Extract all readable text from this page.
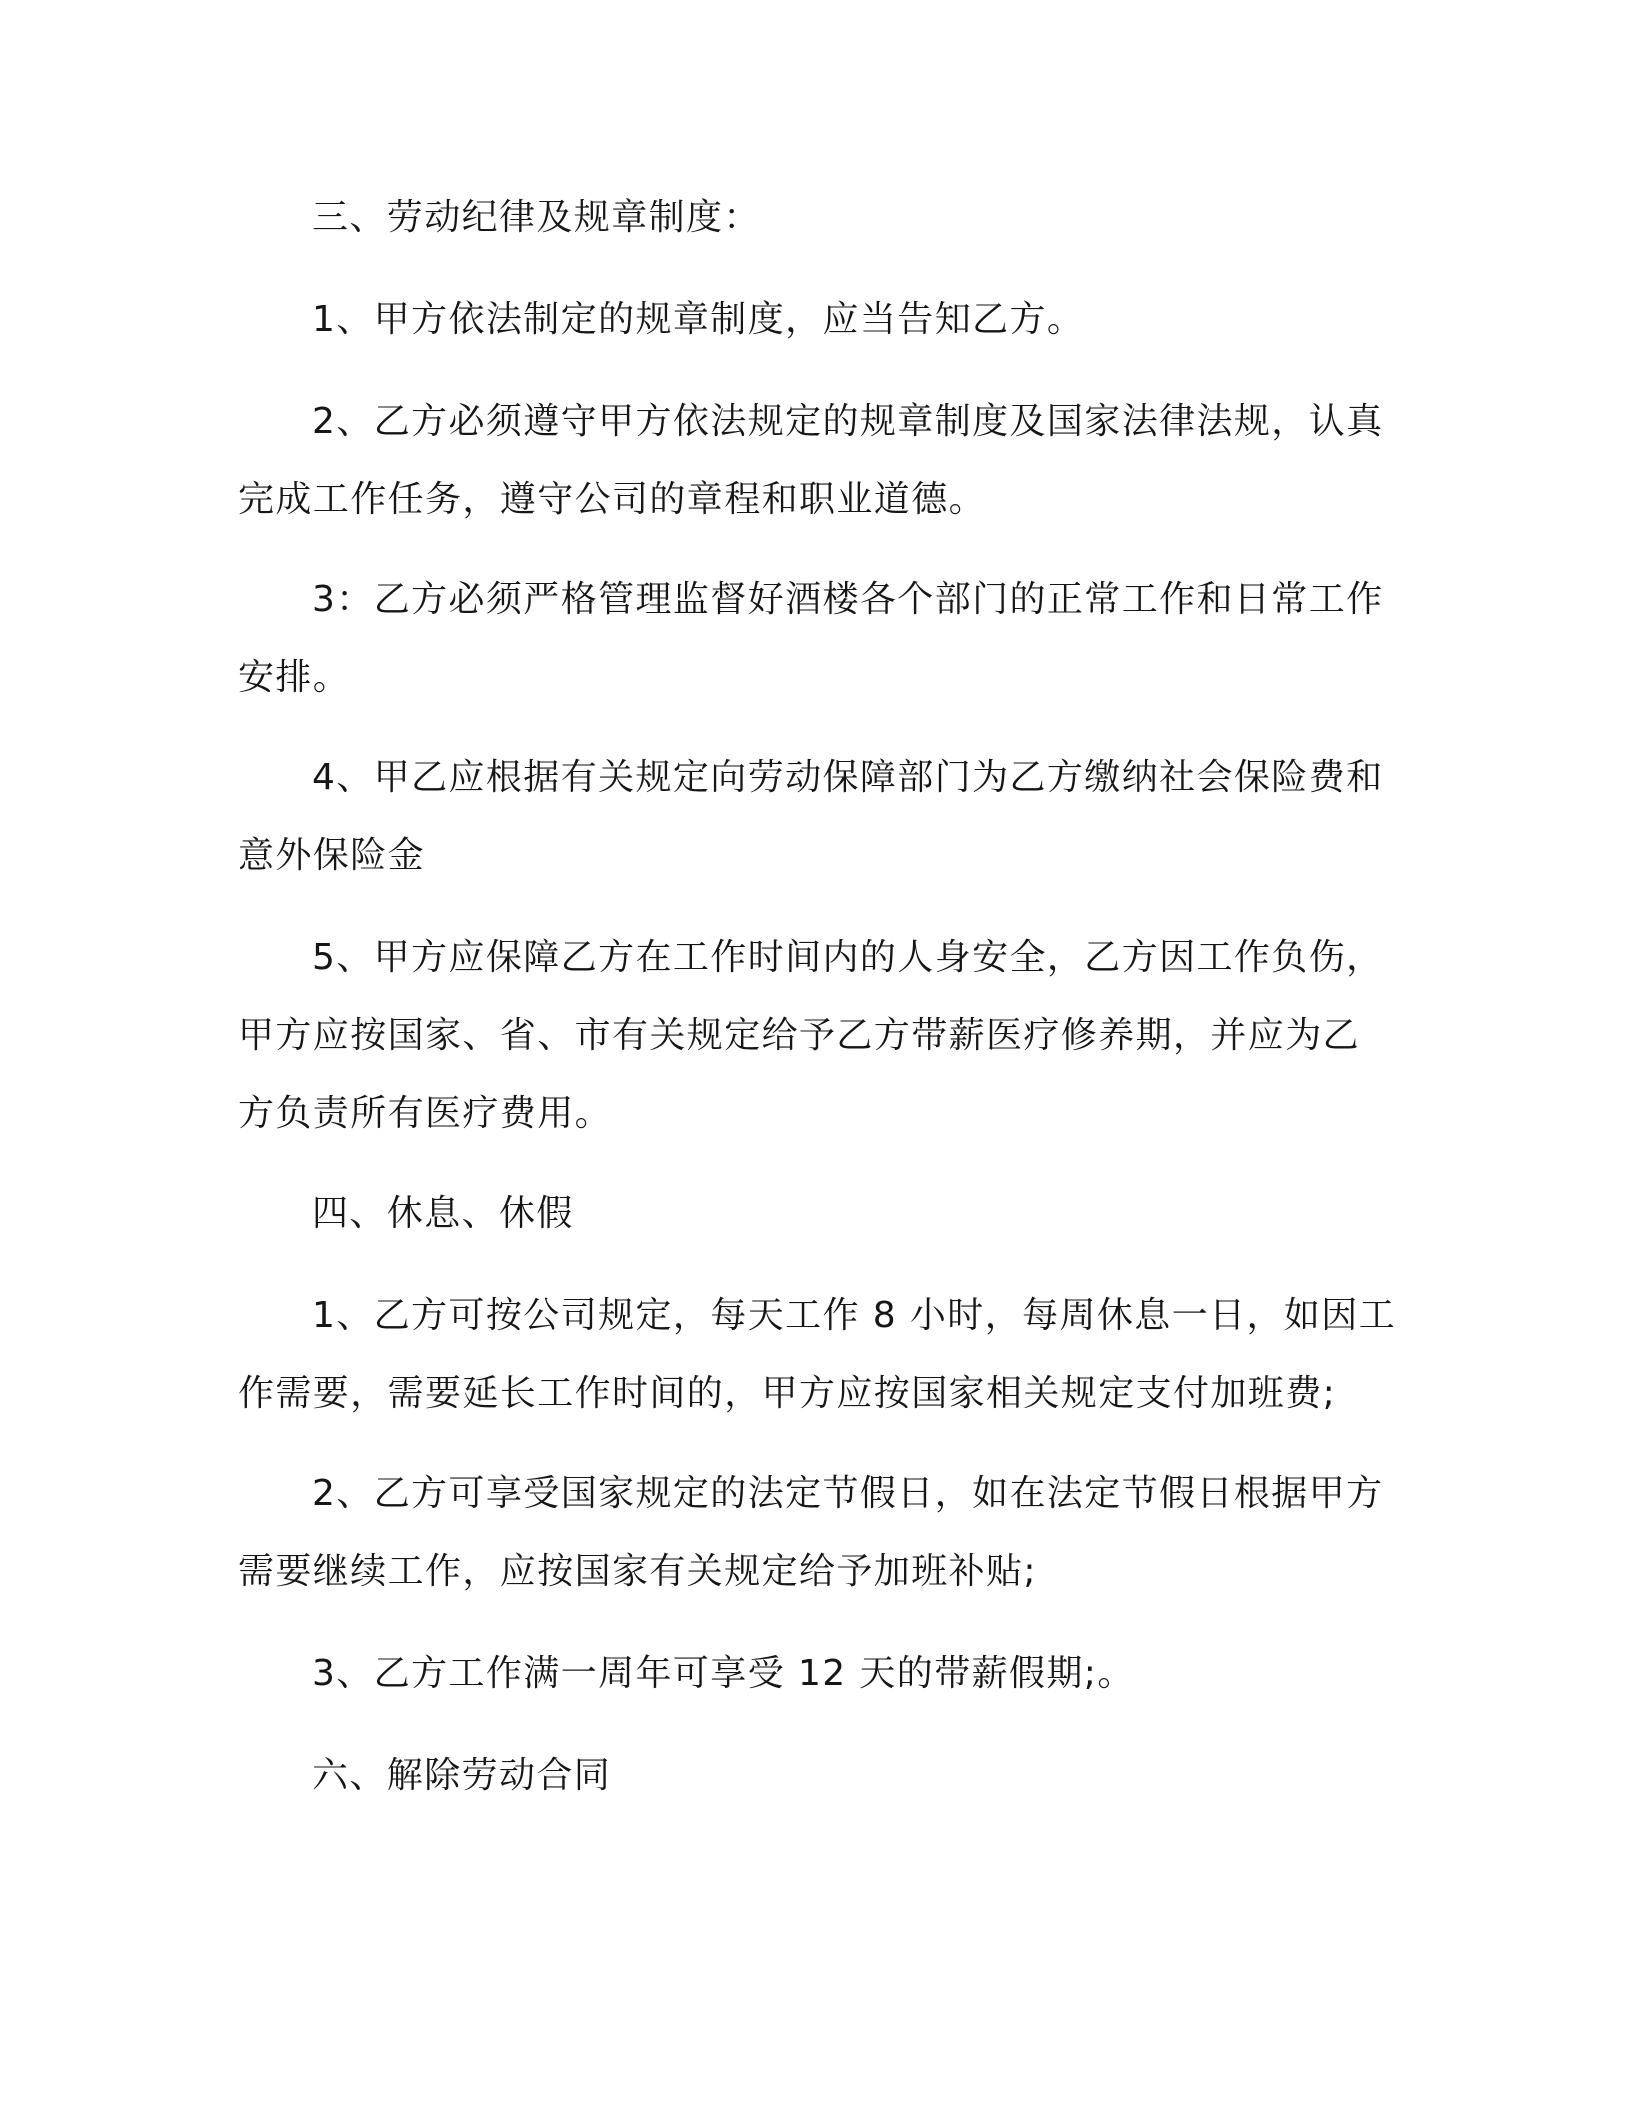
三、劳动纪律及规章制度：
1、甲方依法制定的规章制度，应当告知乙方。
2、乙方必须遵守甲方依法规定的规章制度及国家法律法规，认真
完成工作任务，遵守公司的章程和职业道德。
3：乙方必须严格管理监督好酒楼各个部门的正常工作和日常工作
安排。
4、甲乙应根据有关规定向劳动保障部门为乙方缴纳社会保险费和
意外保险金
5、甲方应保障乙方在工作时间内的人身安全，乙方因工作负伤，
甲方应按国家、省、市有关规定给予乙方带薪医疗修养期，并应为乙
方负责所有医疗费用。
四、休息、休假
1、乙方可按公司规定，每天工作 8 小时，每周休息一日，如因工
作需要，需要延长工作时间的，甲方应按国家相关规定支付加班费;
2、乙方可享受国家规定的法定节假日，如在法定节假日根据甲方
需要继续工作，应按国家有关规定给予加班补贴;
3、乙方工作满一周年可享受 12 天的带薪假期;。
六、解除劳动合同
